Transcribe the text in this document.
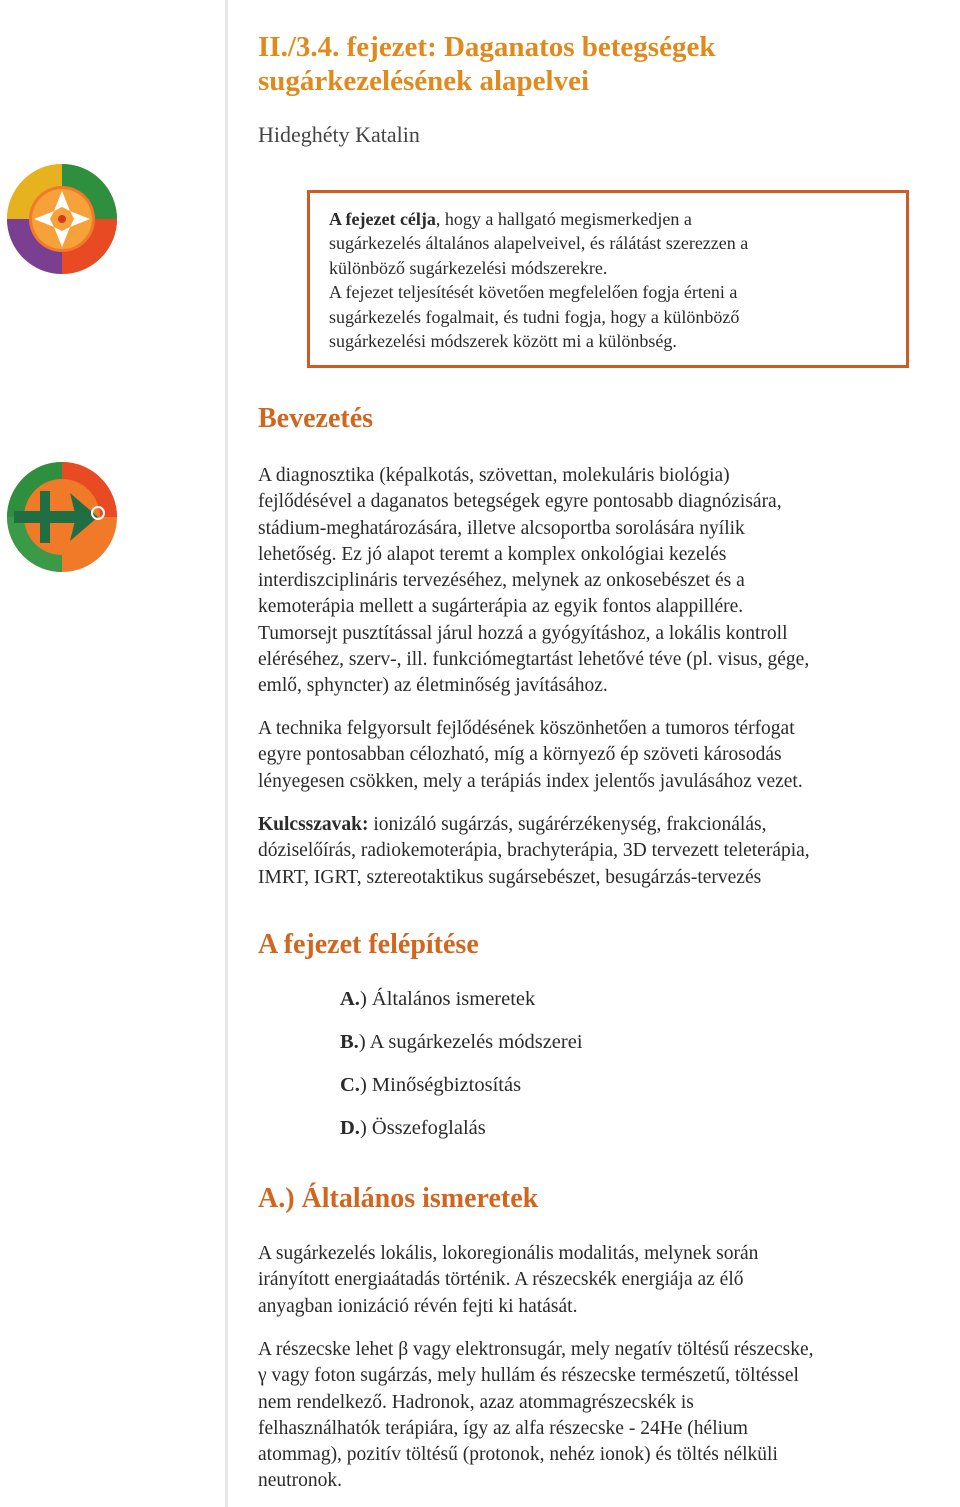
II./3.4. fejezet: Daganatos betegségek
sugárkezelésének alapelvei
Hideghéty Katalin
A fejezet célja, hogy a hallgató megismerkedjen a
sugárkezelés általános alapelveivel, és rálátást szerezzen a
különböző sugárkezelési módszerekre.
A fejezet teljesítését követően megfelelően fogja érteni a
sugárkezelés fogalmait, és tudni fogja, hogy a különböző
sugárkezelési módszerek között mi a különbség.
Bevezetés
A diagnosztika (képalkotás, szövettan, molekuláris biológia)
fejlődésével a daganatos betegségek egyre pontosabb diagnózisára,
stádium-meghatározására, illetve alcsoportba sorolására nyílik
lehetőség. Ez jó alapot teremt a komplex onkológiai kezelés
interdiszciplináris tervezéséhez, melynek az onkosebészet és a
kemoterápia mellett a sugárterápia az egyik fontos alappillére.
Tumorsejt pusztítással járul hozzá a gyógyításhoz, a lokális kontroll
eléréséhez, szerv-, ill. funkciómegtartást lehetővé téve (pl. visus, gége,
emlő, sphyncter) az életminőség javításához.
A technika felgyorsult fejlődésének köszönhetően a tumoros térfogat
egyre pontosabban célozható, míg a környező ép szöveti károsodás
lényegesen csökken, mely a terápiás index jelentős javulásához vezet.
Kulcsszavak: ionizáló sugárzás, sugárérzékenység, frakcionálás,
dóziselőírás, radiokemoterápia, brachyterápia, 3D tervezett teleterápia,
IMRT, IGRT, sztereotaktikus sugársebészet, besugárzás-tervezés
A fejezet felépítése
A.) Általános ismeretek
B.) A sugárkezelés módszerei
C.) Minőségbiztosítás
D.) Összefoglalás
A.) Általános ismeretek
A sugárkezelés lokális, lokoregionális modalitás, melynek során
irányított energiaátadás történik. A részecskék energiája az élő
anyagban ionizáció révén fejti ki hatását.
A részecske lehet β vagy elektronsugár, mely negatív töltésű részecske,
γ vagy foton sugárzás, mely hullám és részecske természetű, töltéssel
nem rendelkező. Hadronok, azaz atommagrészecskék is
felhasználhatók terápiára, így az alfa részecske - 24He (hélium
atommag), pozitív töltésű (protonok, nehéz ionok) és töltés nélküli
neutronok.
